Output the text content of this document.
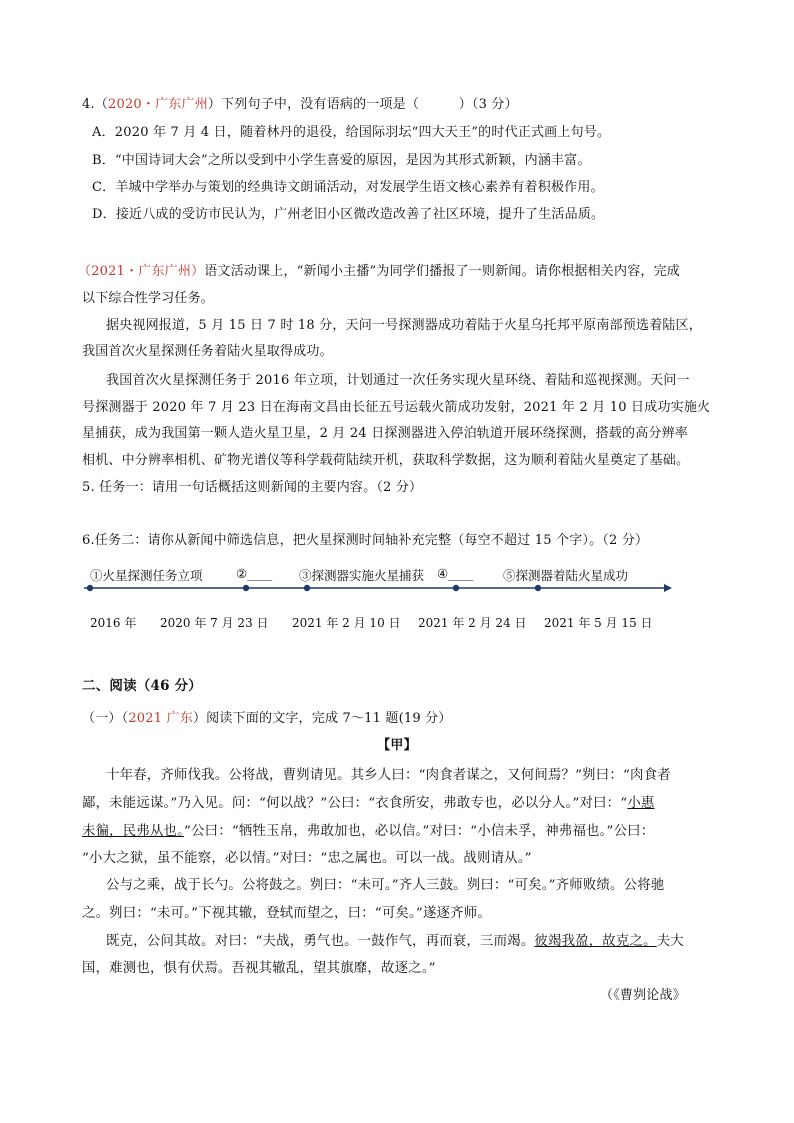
4.（2020・广东广州）下列句子中，没有语病的一项是（　　　）（3 分）
A．2020 年 7 月 4 日，随着林丹的退役，给国际羽坛“四大天王”的时代正式画上句号。
B．“中国诗词大会”之所以受到中小学生喜爱的原因，是因为其形式新颖，内涵丰富。
C．羊城中学举办与策划的经典诗文朗诵活动，对发展学生语文核心素养有着积极作用。
D．接近八成的受访市民认为，广州老旧小区微改造改善了社区环境，提升了生活品质。
（2021・广东广州）语文活动课上，“新闻小主播”为同学们播报了一则新闻。请你根据相关内容，完成
以下综合性学习任务。
据央视网报道，5 月 15 日 7 时 18 分，天问一号探测器成功着陆于火星乌托邦平原南部预选着陆区，
我国首次火星探测任务着陆火星取得成功。
我国首次火星探测任务于 2016 年立项，计划通过一次任务实现火星环绕、着陆和巡视探测。天问一
号探测器于 2020 年 7 月 23 日在海南文昌由长征五号运载火箭成功发射，2021 年 2 月 10 日成功实施火
星捕获，成为我国第一颗人造火星卫星，2 月 24 日探测器进入停泊轨道开展环绕探测，搭载的高分辨率
相机、中分辨率相机、矿物光谱仪等科学载荷陆续开机，获取科学数据，这为顺利着陆火星奠定了基础。
5. 任务一：请用一句话概括这则新闻的主要内容。（2 分）
6.任务二：请你从新闻中筛选信息，把火星探测时间轴补充完整（每空不超过 15 个字）。（2 分）
①火星探测任务立项	②____	③探测器实施火星捕获	④____	⑤探测器着陆火星成功
2016 年 2020 年 7 月 23 日 2021 年 2 月 10 日 2021 年 2 月 24 日 2021 年 5 月 15 日
二、阅读（46 分）
（一）（2021 广东）阅读下面的文字，完成 7～11 题(19 分）
【甲】
十年春，齐师伐我。公将战，曹刿请见。其乡人曰：“肉食者谋之，又何间焉？”刿曰：“肉食者
鄙，未能远谋。”乃入见。问：“何以战？”公曰：“衣食所安，弗敢专也，必以分人。”对曰：“小惠
未徧，民弗从也。”公曰：“牺牲玉帛，弗敢加也，必以信。”对曰：“小信未孚，神弗福也。”公曰：
“小大之狱，虽不能察，必以情。”对曰：“忠之属也。可以一战。战则请从。”
公与之乘，战于长勺。公将鼓之。刿曰：“未可。”齐人三鼓。刿曰：“可矣。”齐师败绩。公将驰
之。刿曰：“未可。”下视其辙，登轼而望之，曰：“可矣。”遂逐齐师。
既克，公问其故。对曰：“夫战，勇气也。一鼓作气，再而衰，三而竭。彼竭我盈，故克之。夫大
国，难测也，惧有伏焉。吾视其辙乱，望其旗靡，故逐之。”
（《曹刿论战》
